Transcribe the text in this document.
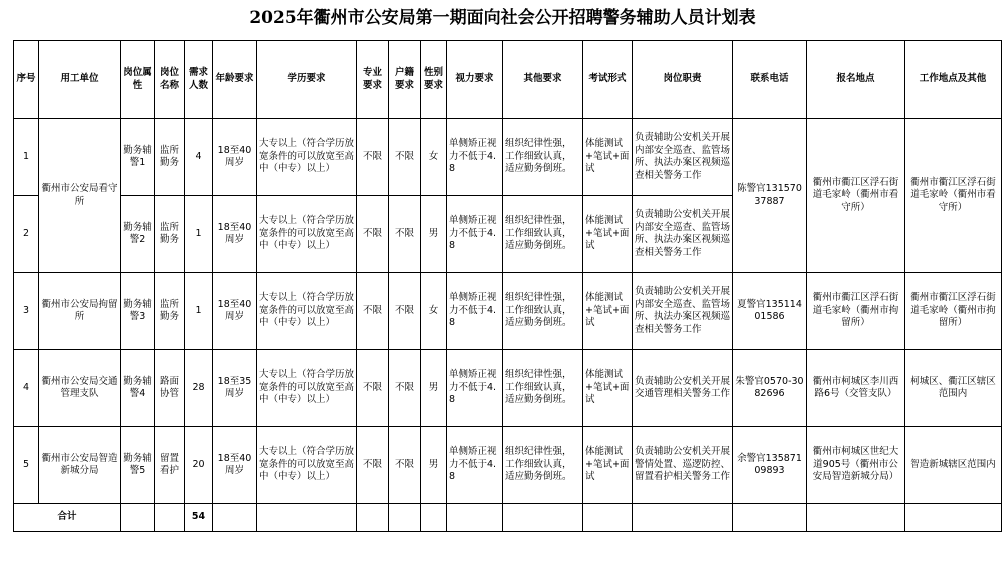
2025年衢州市公安局第一期面向社会公开招聘警务辅助人员计划表
序号	用工单位	岗位属性	岗位名称	需求人数	年龄要求	学历要求	专业要求	户籍要求	性别要求	视力要求	其他要求	考试形式	岗位职责	联系电话	报名地点	工作地点及其他
1	衢州市公安局看守所	勤务辅警1	监所勤务	4	18至40周岁	大专以上（符合学历放宽条件的可以放宽至高中（中专）以上）	不限	不限	女	单侧矫正视力不低于4.8	组织纪律性强，工作细致认真，适应勤务倒班。	体能测试+笔试+面试	负责辅助公安机关开展内部安全巡查、监管场所、执法办案区视频巡查相关警务工作	陈警官13157037887	衢州市衢江区浮石街道毛家岭（衢州市看守所）	衢州市衢江区浮石街道毛家岭（衢州市看守所）
2		勤务辅警2	监所勤务	1	18至40周岁	大专以上（符合学历放宽条件的可以放宽至高中（中专）以上）	不限	不限	男	单侧矫正视力不低于4.8	组织纪律性强，工作细致认真，适应勤务倒班。	体能测试+笔试+面试	负责辅助公安机关开展内部安全巡查、监管场所、执法办案区视频巡查相关警务工作			
3	衢州市公安局拘留所	勤务辅警3	监所勤务	1	18至40周岁	大专以上（符合学历放宽条件的可以放宽至高中（中专）以上）	不限	不限	女	单侧矫正视力不低于4.8	组织纪律性强，工作细致认真，适应勤务倒班。	体能测试+笔试+面试	负责辅助公安机关开展内部安全巡查、监管场所、执法办案区视频巡查相关警务工作	夏警官13511401586	衢州市衢江区浮石街道毛家岭（衢州市拘留所）	衢州市衢江区浮石街道毛家岭（衢州市拘留所）
4	衢州市公安局交通管理支队	勤务辅警4	路面协管	28	18至35周岁	大专以上（符合学历放宽条件的可以放宽至高中（中专）以上）	不限	不限	男	单侧矫正视力不低于4.8	组织纪律性强，工作细致认真，适应勤务倒班。	体能测试+笔试+面试	负责辅助公安机关开展交通管理相关警务工作	朱警官0570-3082696	衢州市柯城区李川西路6号（交管支队）	柯城区、衢江区辖区范围内
5	衢州市公安局智造新城分局	勤务辅警5	留置看护	20	18至40周岁	大专以上（符合学历放宽条件的可以放宽至高中（中专）以上）	不限	不限	男	单侧矫正视力不低于4.8	组织纪律性强，工作细致认真，适应勤务倒班。	体能测试+笔试+面试	负责辅助公安机关开展警情处置、巡逻防控、留置看护相关警务工作	余警官13587109893	衢州市柯城区世纪大道905号（衢州市公安局智造新城分局）	智造新城辖区范围内
合计				54												
